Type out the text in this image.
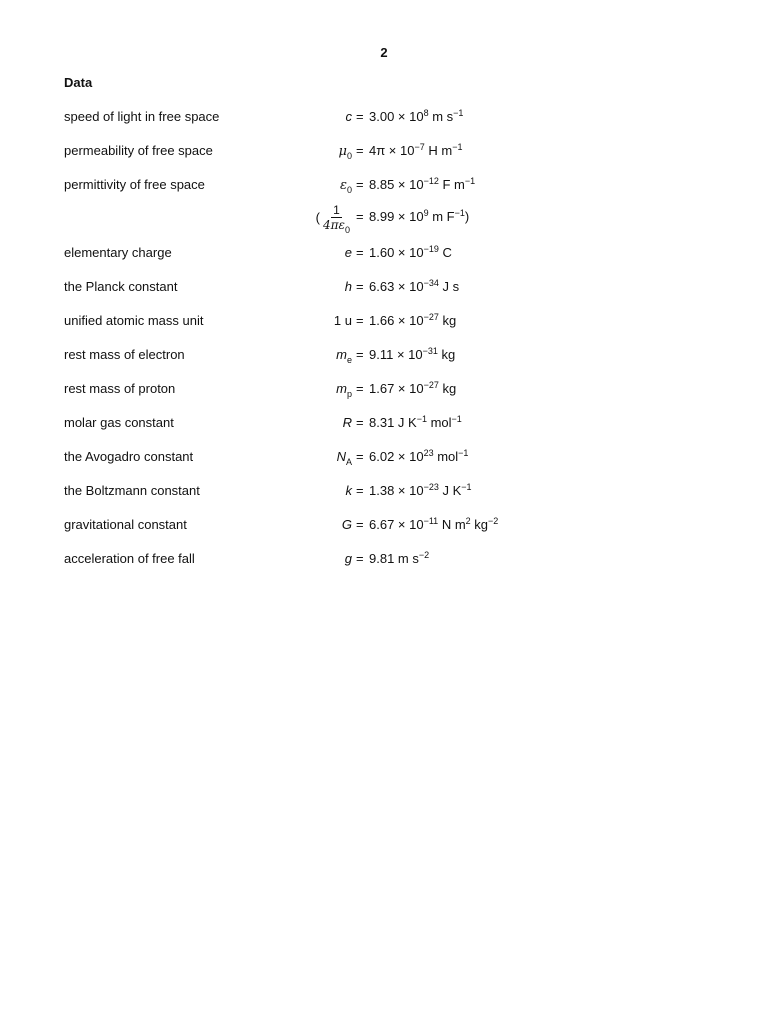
2
Data
speed of light in free space	$c = 3.00 \times 10^8$ m $s^{-1}$
permeability of free space	$\mu_0 = 4\pi \times 10^{-7}$ H $m^{-1}$
permittivity of free space	$\varepsilon_0 = 8.85 \times 10^{-12}$ F $m^{-1}$
( $\frac{1}{4\pi\varepsilon_0} = 8.99 \times 10^9$ m $F^{-1}$)
elementary charge	$e = 1.60 \times 10^{-19}$ C
the Planck constant	$h = 6.63 \times 10^{-34}$ J s
unified atomic mass unit	1 $u = 1.66 \times 10^{-27}$ kg
rest mass of electron	$m_e = 9.11 \times 10^{-31}$ kg
rest mass of proton	$m_p = 1.67 \times 10^{-27}$ kg
molar gas constant	R = 8.31 J $K^{-1}$ mol$^{-1}$
the Avogadro constant	$N_A = 6.02 \times 10^{23}$ mol$^{-1}$
the Boltzmann constant	$k = 1.38 \times 10^{-23}$ J $K^{-1}$
gravitational constant	$G = 6.67 \times 10^{-11}$ N $m^2$ $kg^{-2}$
acceleration of free fall	g = 9.81 m $s^{-2}$
